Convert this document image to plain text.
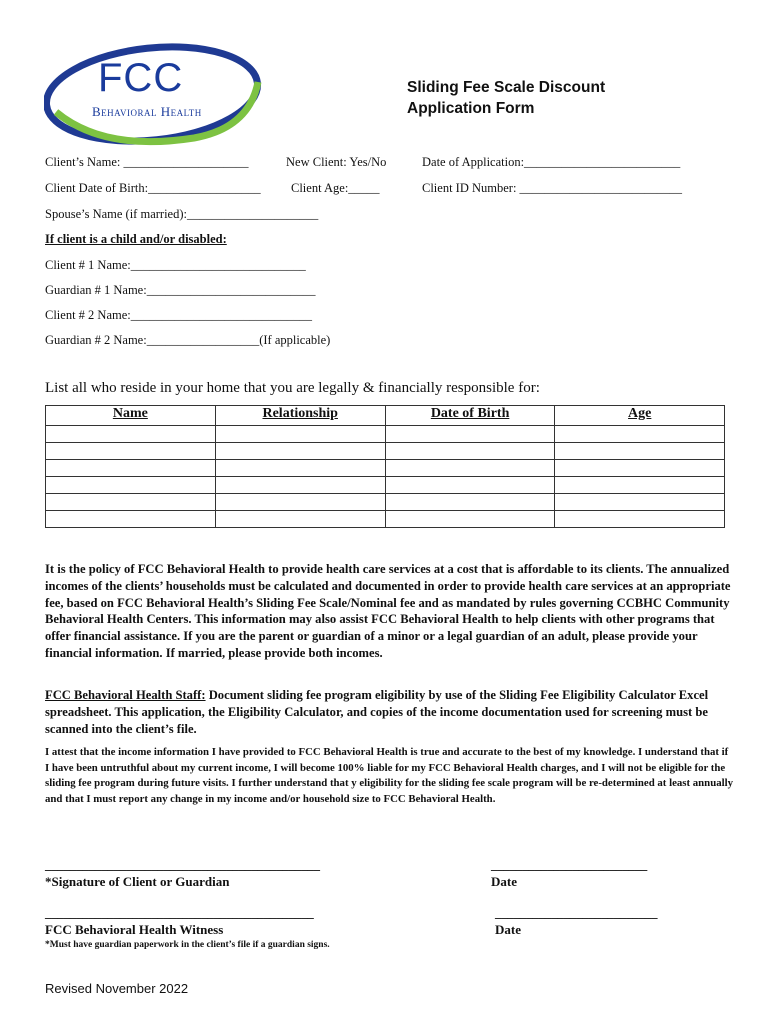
FCC
Behavioral Health
Sliding Fee Scale Discount
Application Form
Client’s Name: ____________________	New Client: Yes/No	Date of Application:_________________________
Client Date of Birth:__________________ Client Age:_____	Client ID Number: __________________________
Spouse’s Name (if married):_____________________
If client is a child and/or disabled:
Client # 1 Name:____________________________
Guardian # 1 Name:___________________________
Client # 2 Name:_____________________________
Guardian # 2 Name:__________________(If applicable)
List all who reside in your home that you are legally & financially responsible for:
Name	Relationship	Date of Birth	Age

It is the policy of FCC Behavioral Health to provide health care services at a cost that is affordable to its clients. The annualized incomes of the clients’ households must be calculated and documented in order to provide health care services at an appropriate fee, based on FCC Behavioral Health’s Sliding Fee Scale/Nominal fee and as mandated by rules governing CCBHC Community Behavioral Health Centers. This information may also assist FCC Behavioral Health to help clients with other programs that offer financial assistance. If you are the parent or guardian of a minor or a legal guardian of an adult, please provide your financial information. If married, please provide both incomes.
FCC Behavioral Health Staff: Document sliding fee program eligibility by use of the Sliding Fee Eligibility Calculator Excel spreadsheet. This application, the Eligibility Calculator, and copies of the income documentation used for screening must be scanned into the client’s file.
I attest that the income information I have provided to FCC Behavioral Health is true and accurate to the best of my knowledge. I understand that if I have been untruthful about my current income, I will become 100% liable for my FCC Behavioral Health charges, and I will not be eligible for the sliding fee program during future visits. I further understand that y eligibility for the sliding fee scale program will be re-determined at least annually and that I must report any change in my income and/or household size to FCC Behavioral Health.
____________________________________________
*Signature of Client or Guardian
_________________________
Date
___________________________________________
FCC Behavioral Health Witness
__________________________
Date
*Must have guardian paperwork in the client’s file if a guardian signs.
Revised November 2022
